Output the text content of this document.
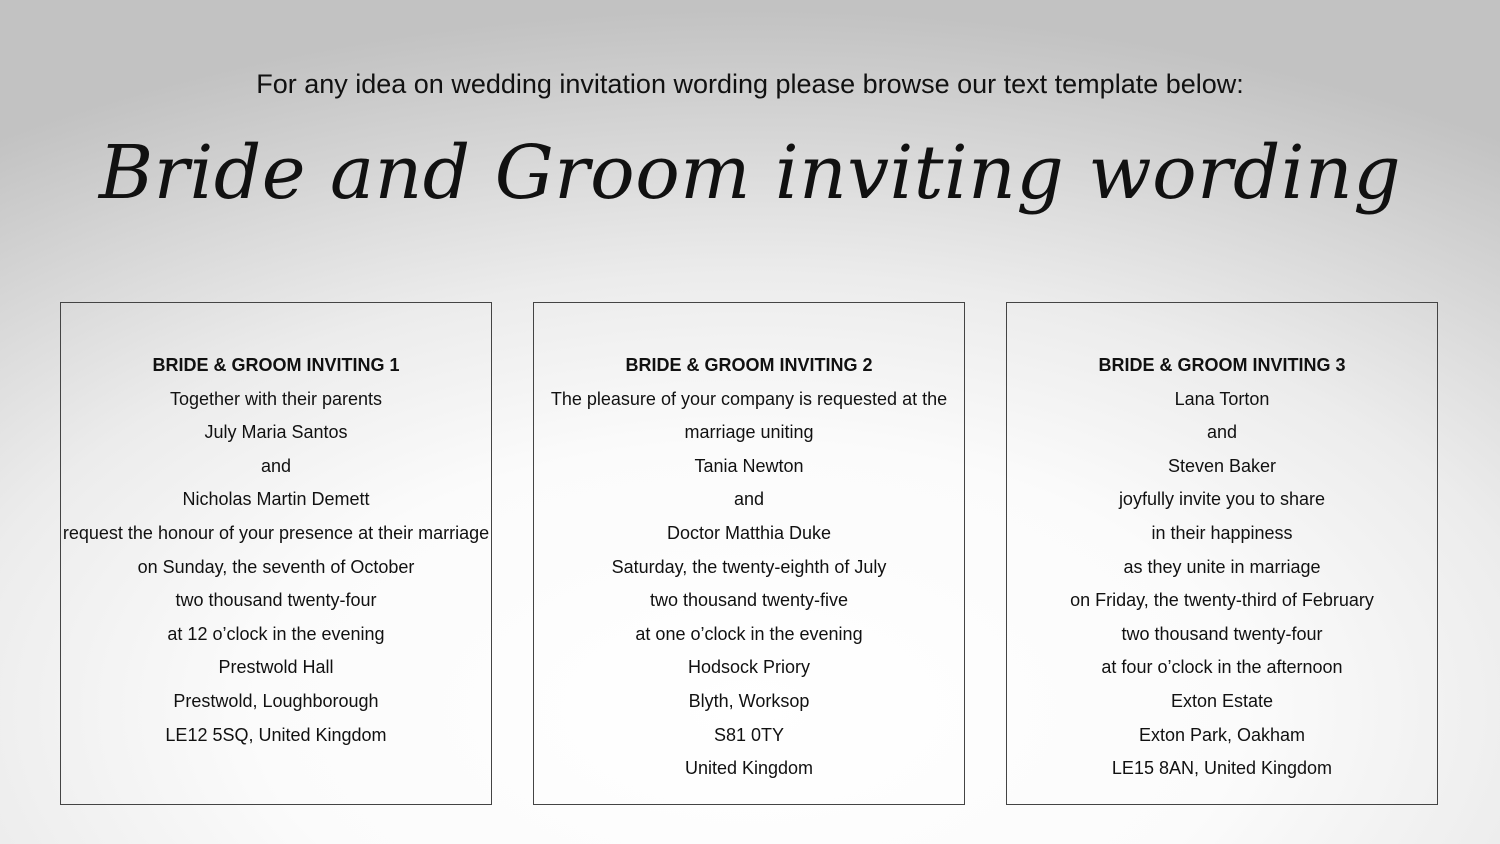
For any idea on wedding invitation wording please browse our text template below:
Bride and Groom inviting wording
BRIDE & GROOM INVITING 1
Together with their parents
July Maria Santos
and
Nicholas Martin Demett
request the honour of your presence at their marriage
on Sunday, the seventh of October
two thousand twenty-four
at 12 o’clock in the evening
Prestwold Hall
Prestwold, Loughborough
LE12 5SQ, United Kingdom
BRIDE & GROOM INVITING 2
The pleasure of your company is requested at the
marriage uniting
Tania Newton
and
Doctor Matthia Duke
Saturday, the twenty-eighth of July
two thousand twenty-five
at one o’clock in the evening
Hodsock Priory
Blyth, Worksop
S81 0TY
United Kingdom
BRIDE & GROOM INVITING 3
Lana Torton
and
Steven Baker
joyfully invite you to share
in their happiness
as they unite in marriage
on Friday, the twenty-third of February
two thousand twenty-four
at four o’clock in the afternoon
Exton Estate
Exton Park, Oakham
LE15 8AN, United Kingdom
